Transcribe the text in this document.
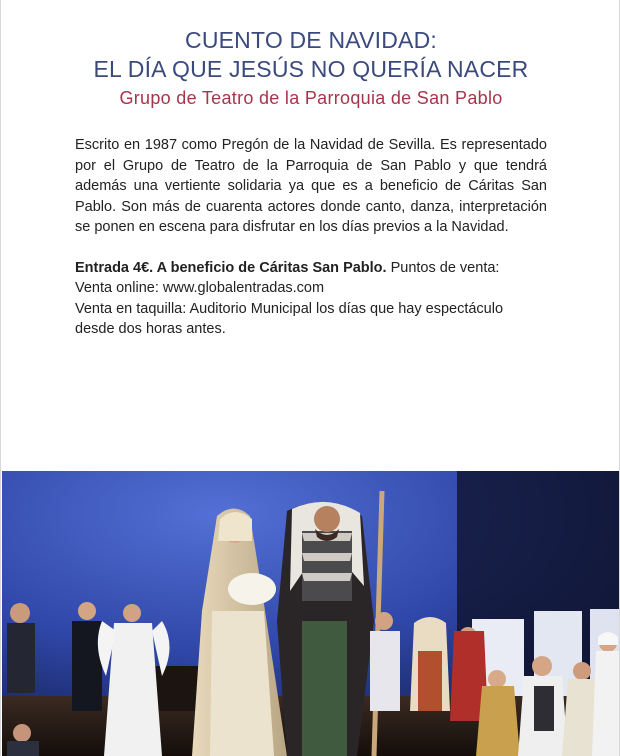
CUENTO DE NAVIDAD:
EL DÍA QUE JESÚS NO QUERÍA NACER
Grupo de Teatro de la Parroquia de San Pablo

Escrito en 1987 como Pregón de la Navidad de Sevilla. Es representado por el Grupo de Teatro de la Parroquia de San Pablo y que tendrá además una vertiente solidaria ya que es a beneficio de Cáritas San Pablo. Son más de cuarenta actores donde canto, danza, interpretación se ponen en escena para disfrutar en los días previos a la Navidad.

Entrada 4€. A beneficio de Cáritas San Pablo. Puntos de venta:
Venta online: www.globalentradas.com
Venta en taquilla: Auditorio Municipal los días que hay espectáculo
desde dos horas antes.
